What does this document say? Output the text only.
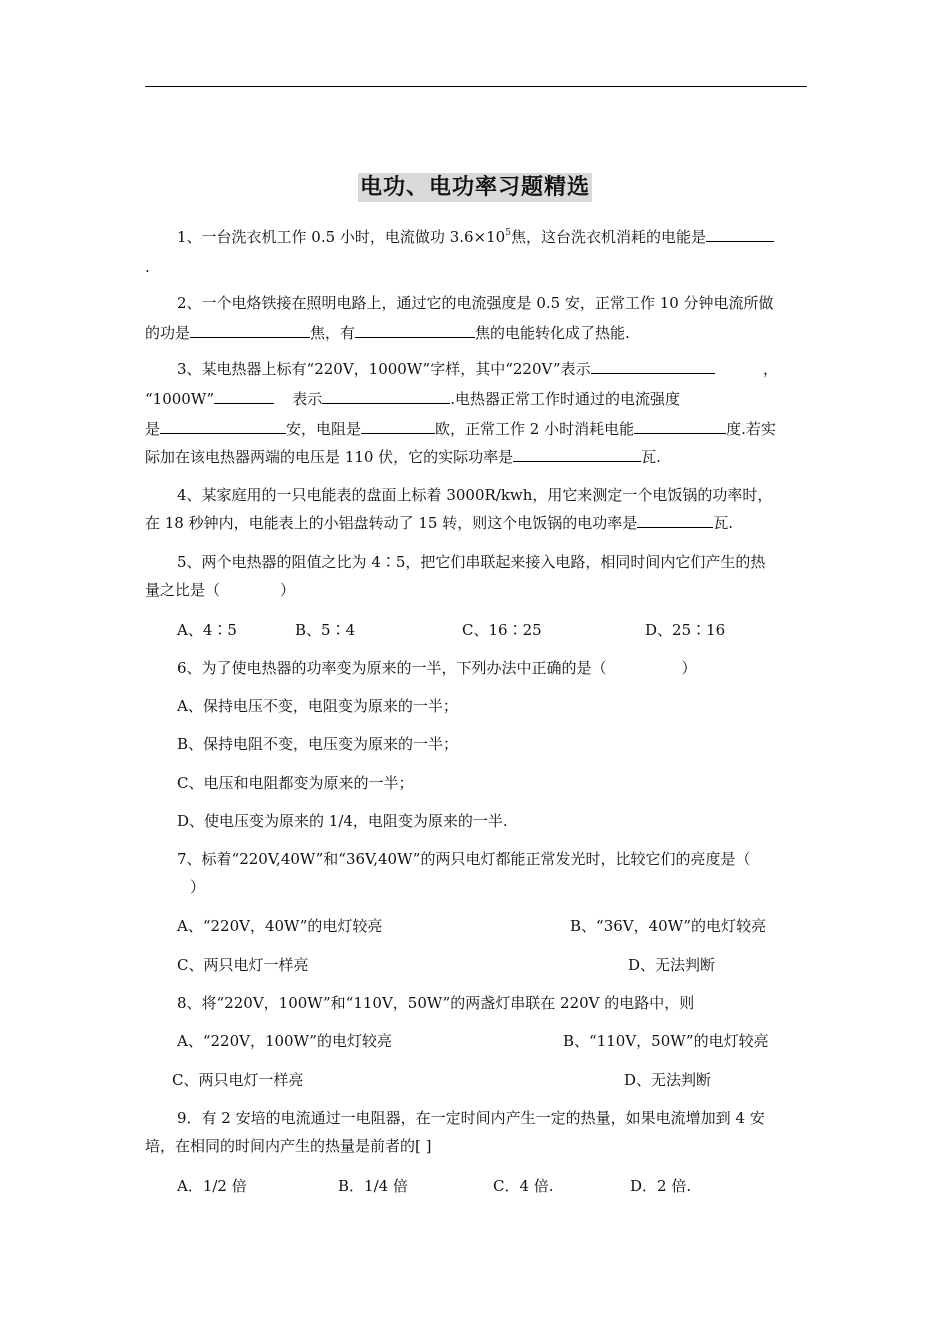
电功、电功率习题精选
1、一台洗衣机工作 0.5 小时，电流做功 $3.6\times 10^5$焦，这台洗衣机消耗的电能是
.
2、一个电烙铁接在照明电路上，通过它的电流强度是 0.5 安，正常工作 10 分钟电流所做
的功是	焦，有	焦的电能转化成了热能.
3、某电热器上标有“220V，1000W”字样，其中“220V”表示	，
“1000W”	表示	.电热器正常工作时通过的电流强度
是	安，电阻是	欧，正常工作 2 小时消耗电能	度.若实
际加在该电热器两端的电压是 110 伏，它的实际功率是	瓦.
4、某家庭用的一只电能表的盘面上标着 3000R/kwh，用它来测定一个电饭锅的功率时，
在 18 秒钟内，电能表上的小铝盘转动了 15 转，则这个电饭锅的电功率是	瓦.
5、两个电热器的阻值之比为 4∶5，把它们串联起来接入电路，相同时间内它们产生的热
量之比是（　　　　）
A、4∶5	B、5∶4	C、16∶25	D、25∶16
6、为了使电热器的功率变为原来的一半，下列办法中正确的是（　　　　　）
A、保持电压不变，电阻变为原来的一半；
B、保持电阻不变，电压变为原来的一半；
C、电压和电阻都变为原来的一半；
D、使电压变为原来的 1/4，电阻变为原来的一半.
7、标着“220V,40W”和“36V,40W”的两只电灯都能正常发光时，比较它们的亮度是（
）
A、“220V，40W”的电灯较亮	B、“36V，40W”的电灯较亮
C、两只电灯一样亮	D、无法判断
8、将“220V，100W”和“110V，50W”的两盏灯串联在 220V 的电路中，则
A、“220V，100W”的电灯较亮	B、“110V，50W”的电灯较亮
C、两只电灯一样亮	D、无法判断
9．有 2 安培的电流通过一电阻器，在一定时间内产生一定的热量，如果电流增加到 4 安
培，在相同的时间内产生的热量是前者的[ ]
A．1/2 倍	B．1/4 倍	C．4 倍.	D．2 倍.
